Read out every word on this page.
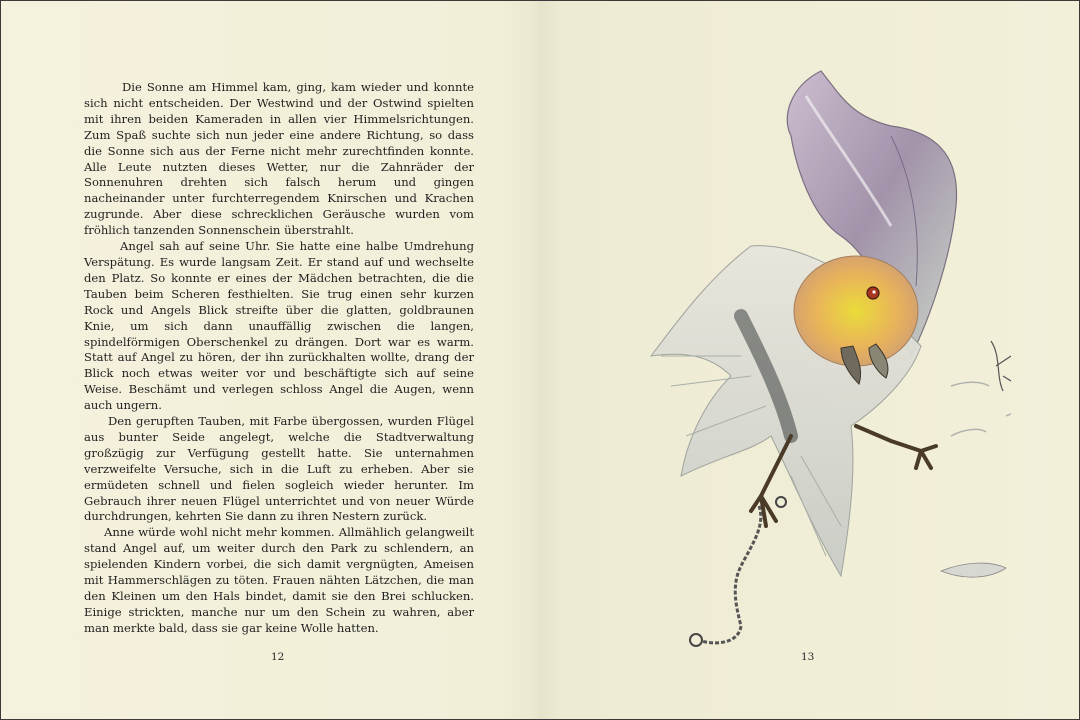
Die Sonne am Himmel kam, ging, kam wieder und konnte sich nicht entscheiden. Der Westwind und der Ostwind spielten mit ihren beiden Kameraden in allen vier Himmelsrichtungen. Zum Spaß suchte sich nun jeder eine andere Richtung, so dass die Sonne sich aus der Ferne nicht mehr zurechtfinden konnte. Alle Leute nutzten dieses Wetter, nur die Zahnräder der Sonnenuhren drehten sich falsch herum und gingen nacheinander unter furchterregendem Knirschen und Krachen zugrunde. Aber diese schrecklichen Geräusche wurden vom fröhlich tanzenden Sonnenschein überstrahlt.

Angel sah auf seine Uhr. Sie hatte eine halbe Umdrehung Verspätung. Es wurde langsam Zeit. Er stand auf und wechselte den Platz. So konnte er eines der Mädchen betrachten, die die Tauben beim Scheren festhielten. Sie trug einen sehr kurzen Rock und Angels Blick streifte über die glatten, goldbraunen Knie, um sich dann unauffällig zwischen die langen, spindelförmigen Oberschenkel zu drängen. Dort war es warm. Statt auf Angel zu hören, der ihn zurückhalten wollte, drang der Blick noch etwas weiter vor und beschäftigte sich auf seine Weise. Beschämt und verlegen schloss Angel die Augen, wenn auch ungern.

Den gerupften Tauben, mit Farbe übergossen, wurden Flügel aus bunter Seide angelegt, welche die Stadtverwaltung großzügig zur Verfügung gestellt hatte. Sie unternahmen verzweifelte Versuche, sich in die Luft zu erheben. Aber sie ermüdeten schnell und fielen sogleich wieder herunter. Im Gebrauch ihrer neuen Flügel unterrichtet und von neuer Würde durchdrungen, kehrten Sie dann zu ihren Nestern zurück.

Anne würde wohl nicht mehr kommen. Allmählich gelangweilt stand Angel auf, um weiter durch den Park zu schlendern, an spielenden Kindern vorbei, die sich damit vergnügten, Ameisen mit Hammerschlägen zu töten. Frauen nähten Lätzchen, die man den Kleinen um den Hals bindet, damit sie den Brei schlucken. Einige strickten, manche nur um den Schein zu wahren, aber man merkte bald, dass sie gar keine Wolle hatten.

12	13
